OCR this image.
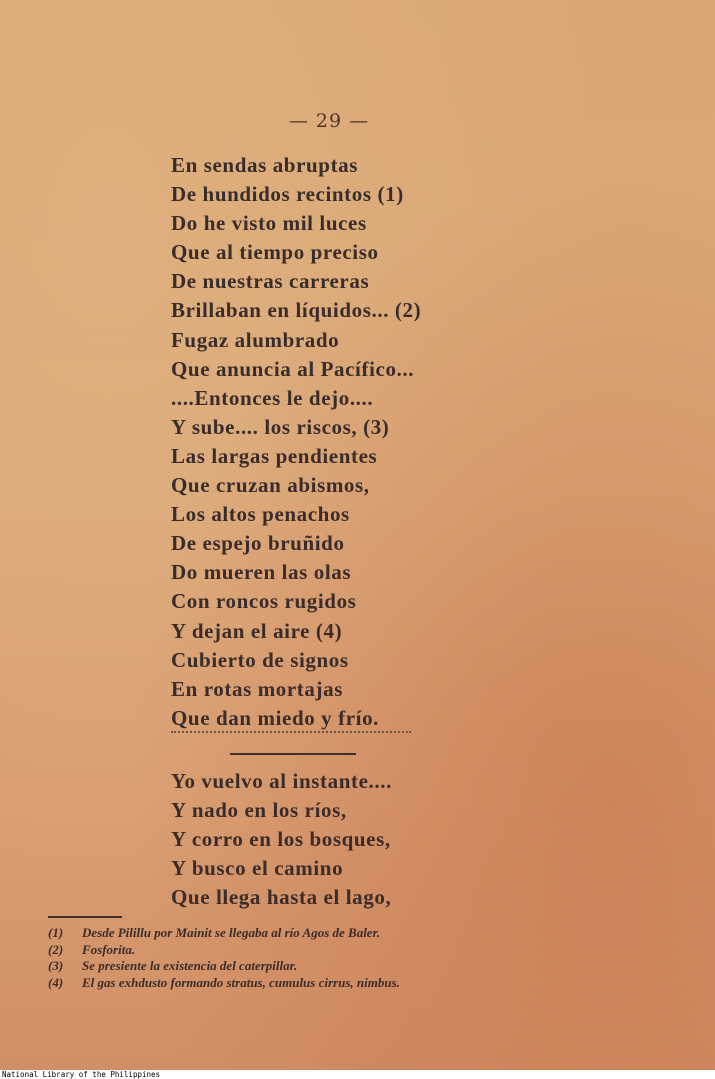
— 29 —
En sendas abruptas
De hundidos recintos (1)
Do he visto mil luces
Que al tiempo preciso
De nuestras carreras
Brillaban en líquidos... (2)
Fugaz alumbrado
Que anuncia al Pacífico...
....Entonces le dejo....
Y sube.... los riscos, (3)
Las largas pendientes
Que cruzan abismos,
Los altos penachos
De espejo bruñido
Do mueren las olas
Con roncos rugidos
Y dejan el aire (4)
Cubierto de signos
En rotas mortajas
Que dan miedo y frío.
Yo vuelvo al instante....
Y nado en los ríos,
Y corro en los bosques,
Y busco el camino
Que llega hasta el lago,
(1) Desde Pilillu por Mainit se llegaba al río Agos de Baler.
(2) Fosforita.
(3) Se presiente la existencia del caterpillar.
(4) El gas exhdusto formando stratus, cumulus cirrus, nimbus.
National Library of the Philippines
